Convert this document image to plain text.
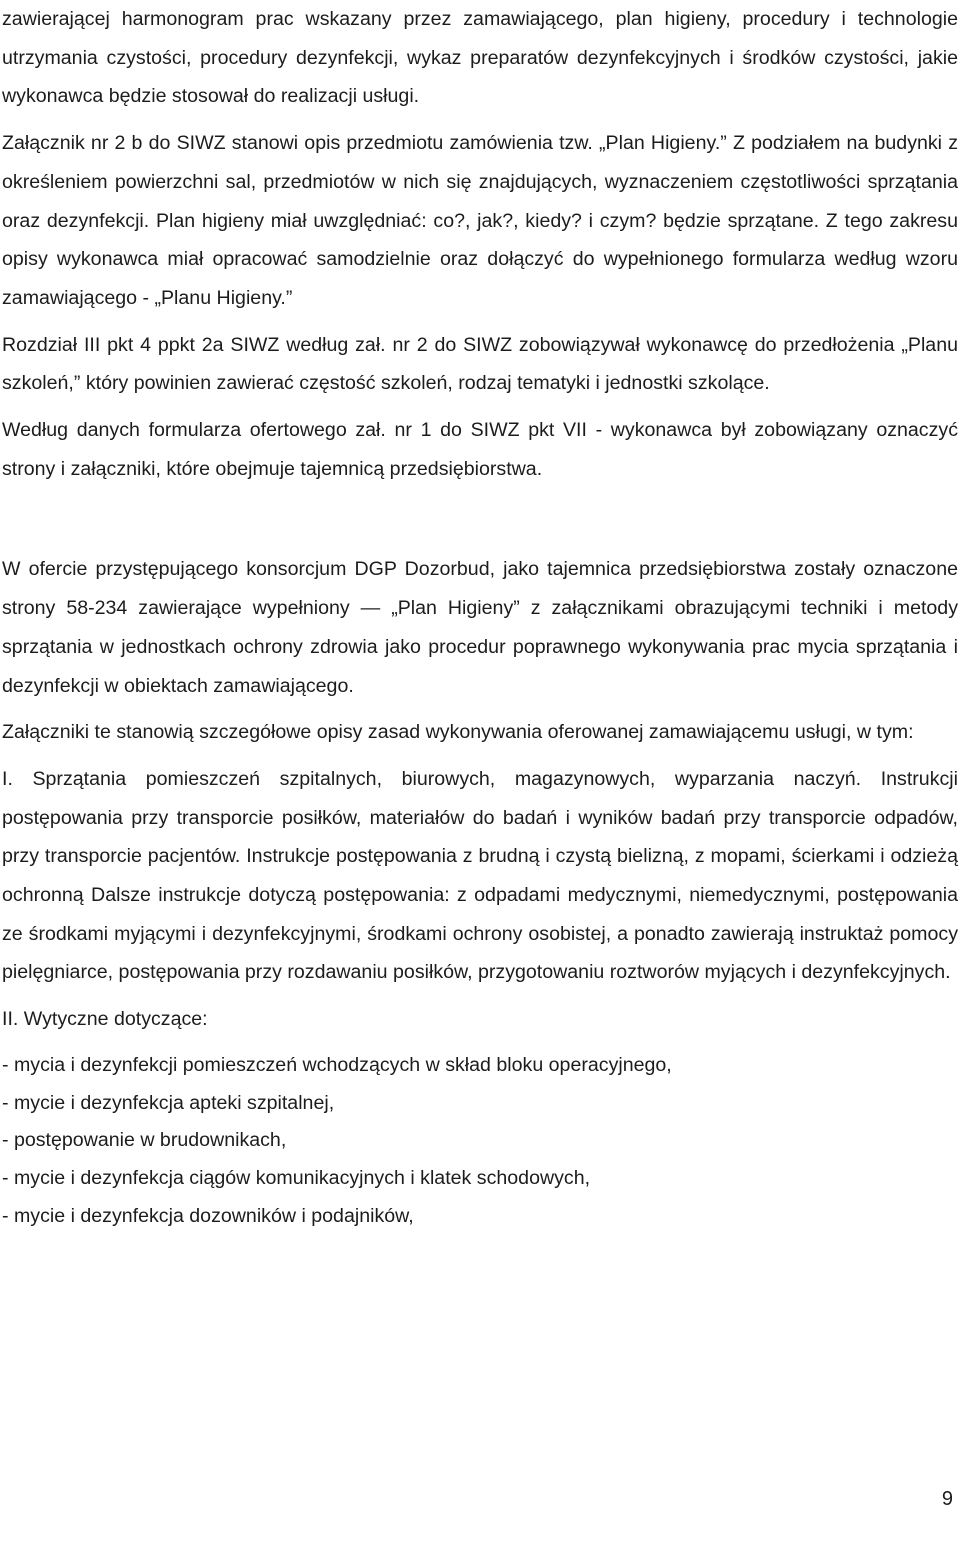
zawierającej harmonogram prac wskazany przez zamawiającego, plan higieny, procedury i technologie utrzymania czystości, procedury dezynfekcji, wykaz preparatów dezynfekcyjnych i środków czystości, jakie wykonawca będzie stosował do realizacji usługi.

Załącznik nr 2 b do SIWZ stanowi opis przedmiotu zamówienia tzw. „Plan Higieny.” Z podziałem na budynki z określeniem powierzchni sal, przedmiotów w nich się znajdujących, wyznaczeniem częstotliwości sprzątania oraz dezynfekcji. Plan higieny miał uwzględniać: co?, jak?, kiedy? i czym? będzie sprzątane. Z tego zakresu opisy wykonawca miał opracować samodzielnie oraz dołączyć do wypełnionego formularza według wzoru zamawiającego - „Planu Higieny.”

Rozdział III pkt 4 ppkt 2a SIWZ według zał. nr 2 do SIWZ zobowiązywał wykonawcę do przedłożenia „Planu szkoleń,” który powinien zawierać częstość szkoleń, rodzaj tematyki i jednostki szkolące.

Według danych formularza ofertowego zał. nr 1 do SIWZ pkt VII - wykonawca był zobowiązany oznaczyć strony i załączniki, które obejmuje tajemnicą przedsiębiorstwa.

W ofercie przystępującego konsorcjum DGP Dozorbud, jako tajemnica przedsiębiorstwa zostały oznaczone strony 58-234 zawierające wypełniony — „Plan Higieny” z załącznikami obrazującymi techniki i metody sprzątania w jednostkach ochrony zdrowia jako procedur poprawnego wykonywania prac mycia sprzątania i dezynfekcji w obiektach zamawiającego.

Załączniki te stanowią szczegółowe opisy zasad wykonywania oferowanej zamawiającemu usługi, w tym:

I. Sprzątania pomieszczeń szpitalnych, biurowych, magazynowych, wyparzania naczyń. Instrukcji postępowania przy transporcie posiłków, materiałów do badań i wyników badań przy transporcie odpadów, przy transporcie pacjentów. Instrukcje postępowania z brudną i czystą bielizną, z mopami, ścierkami i odzieżą ochronną Dalsze instrukcje dotyczą postępowania: z odpadami medycznymi, niemedycznymi, postępowania ze środkami myjącymi i dezynfekcyjnymi, środkami ochrony osobistej, a ponadto zawierają instruktaż pomocy pielęgniarce, postępowania przy rozdawaniu posiłków, przygotowaniu roztworów myjących i dezynfekcyjnych.

II. Wytyczne dotyczące:

- mycia i dezynfekcji pomieszczeń wchodzących w skład bloku operacyjnego,
- mycie i dezynfekcja apteki szpitalnej,
- postępowanie w brudownikach,
- mycie i dezynfekcja ciągów komunikacyjnych i klatek schodowych,
- mycie i dezynfekcja dozowników i podajników,
9
